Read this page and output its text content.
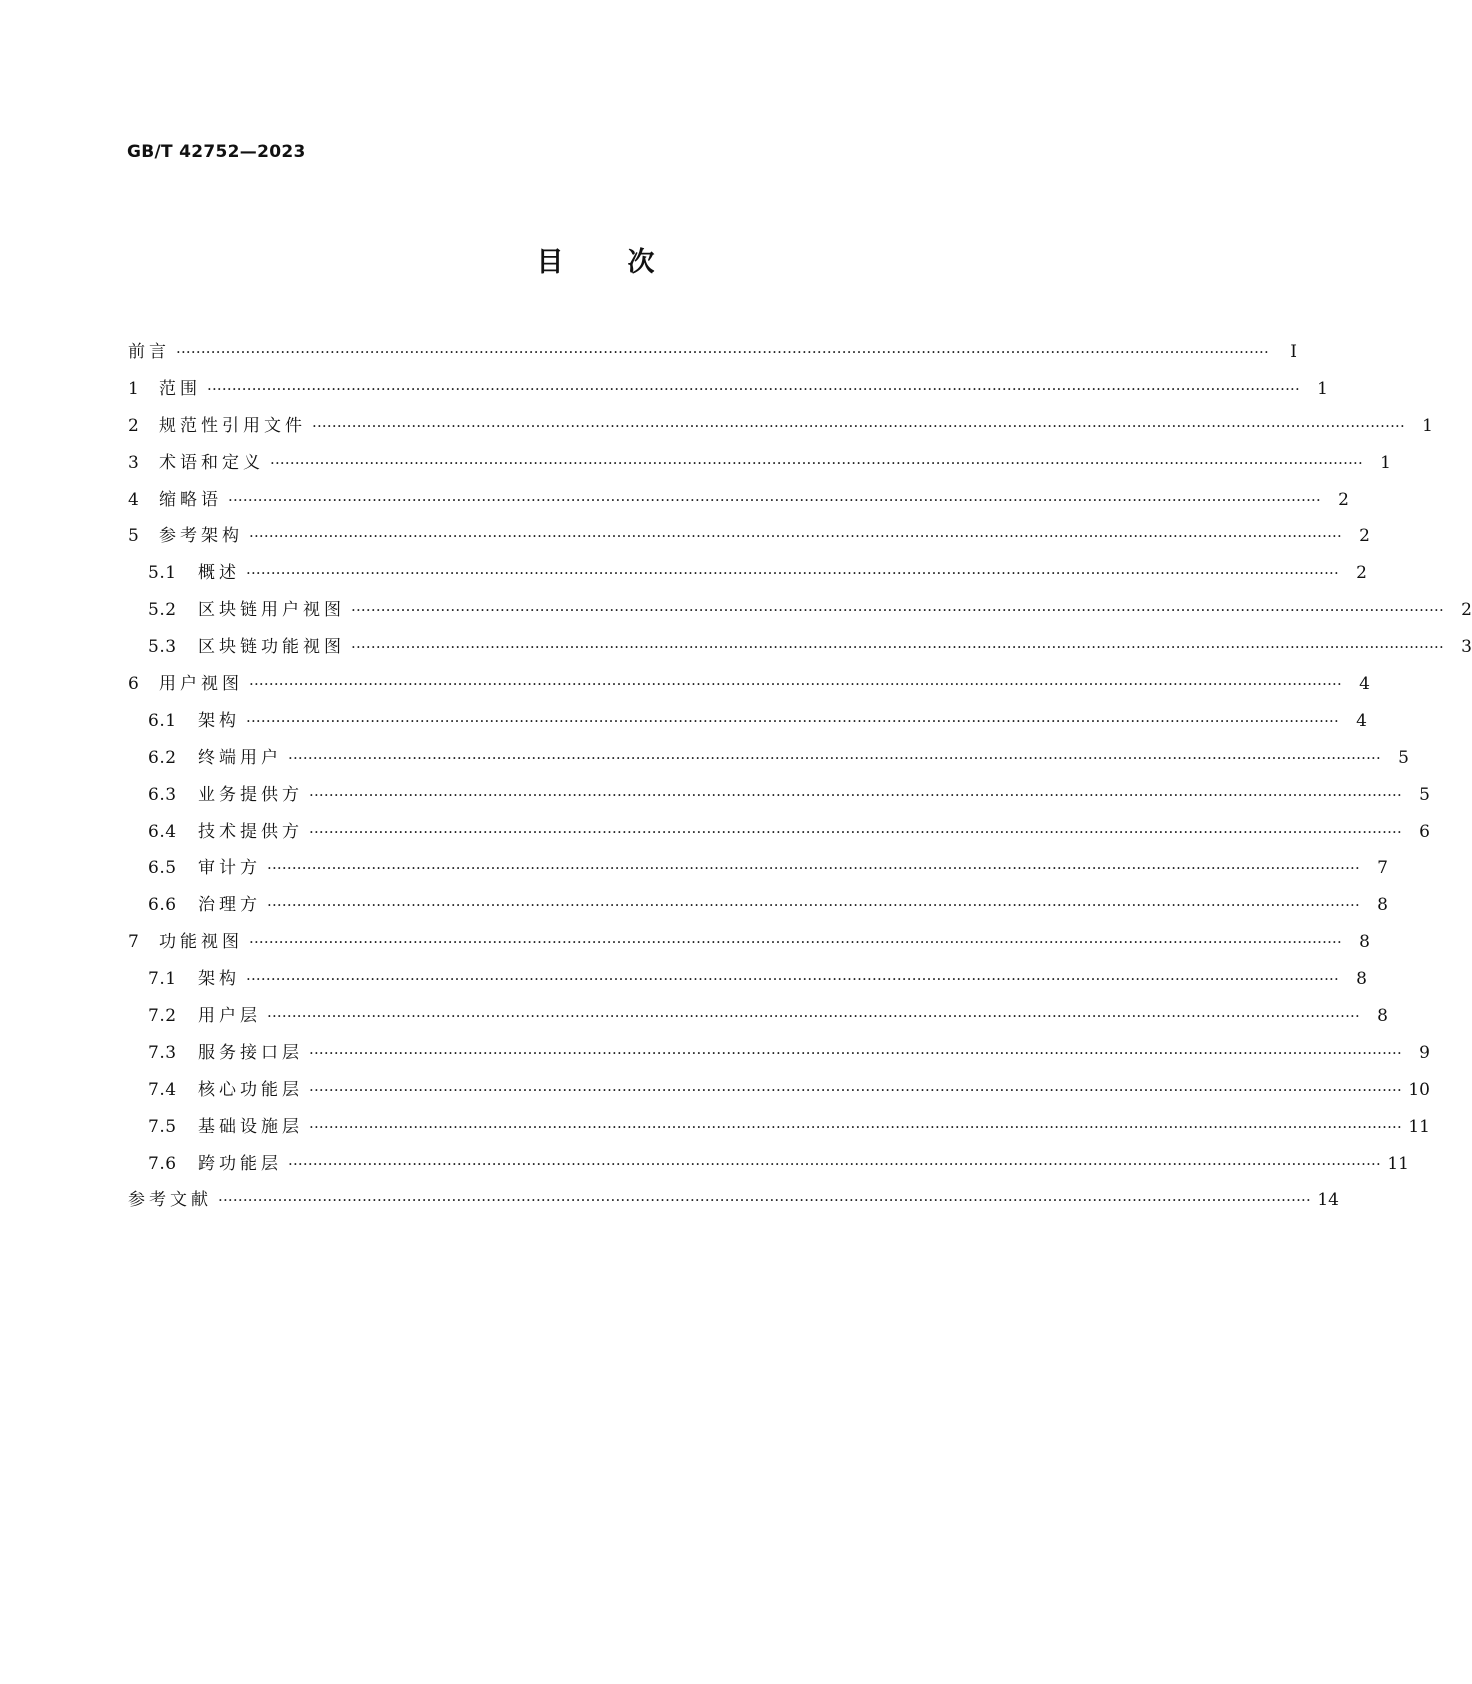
GB/T 42752—2023
目 次
前言 ····························································································································································································································	Ⅰ
1	范围 ····························································································································································································································	1
2	规范性引用文件 ····························································································································································································································	1
3	术语和定义 ····························································································································································································································	1
4	缩略语 ····························································································································································································································	2
5	参考架构 ····························································································································································································································	2
5.1	概述 ····························································································································································································································	2
5.2	区块链用户视图 ····························································································································································································································	2
5.3	区块链功能视图 ····························································································································································································································	3
6	用户视图 ····························································································································································································································	4
6.1	架构 ····························································································································································································································	4
6.2	终端用户 ····························································································································································································································	5
6.3	业务提供方 ····························································································································································································································	5
6.4	技术提供方 ····························································································································································································································	6
6.5	审计方 ····························································································································································································································	7
6.6	治理方 ····························································································································································································································	8
7	功能视图 ····························································································································································································································	8
7.1	架构 ····························································································································································································································	8
7.2	用户层 ····························································································································································································································	8
7.3	服务接口层 ····························································································································································································································	9
7.4	核心功能层 ···························································································································································································································· 10
7.5	基础设施层 ···························································································································································································································· 11
7.6	跨功能层 ···························································································································································································································· 11
参考文献 ···························································································································································································································· 14
